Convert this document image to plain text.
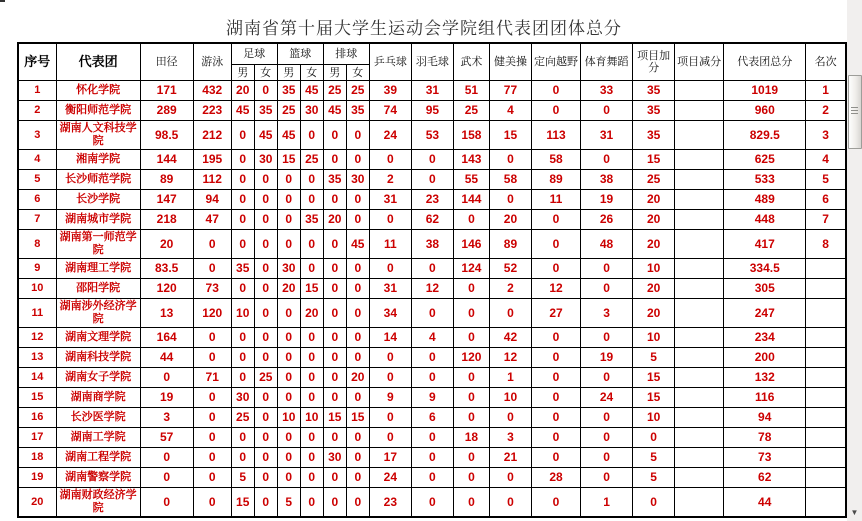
湖南省第十届大学生运动会学院组代表团团体总分
序号	代表团	田径	游泳	足球		篮球		排球		乒乓球	羽毛球	武术	健美操	定向越野	体育舞蹈	项目加分	项目减分	代表团总分	名次
				男	女	男	女	男	女										
1	怀化学院	171	432	20	0	35	45	25	25	39	31	51	77	0	33	35		1019	1
2	衡阳师范学院	289	223	45	35	25	30	45	35	74	95	25	4	0	0	35		960	2
3	湖南人文科技学院	98.5	212	0	45	45	0	0	0	24	53	158	15	113	31	35		829.5	3
4	湘南学院	144	195	0	30	15	25	0	0	0	0	143	0	58	0	15		625	4
5	长沙师范学院	89	112	0	0	0	0	35	30	2	0	55	58	89	38	25		533	5
6	长沙学院	147	94	0	0	0	0	0	0	31	23	144	0	11	19	20		489	6
7	湖南城市学院	218	47	0	0	0	35	20	0	0	62	0	20	0	26	20		448	7
8	湖南第一师范学院	20	0	0	0	0	0	0	45	11	38	146	89	0	48	20		417	8
9	湖南理工学院	83.5	0	35	0	30	0	0	0	0	0	124	52	0	0	10		334.5	
10	邵阳学院	120	73	0	0	20	15	0	0	31	12	0	2	12	0	20		305	
11	湖南涉外经济学院	13	120	10	0	0	20	0	0	34	0	0	0	27	3	20		247	
12	湖南文理学院	164	0	0	0	0	0	0	0	14	4	0	42	0	0	10		234	
13	湖南科技学院	44	0	0	0	0	0	0	0	0	0	120	12	0	19	5		200	
14	湖南女子学院	0	71	0	25	0	0	0	20	0	0	0	1	0	0	15		132	
15	湖南商学院	19	0	30	0	0	0	0	0	9	9	0	10	0	24	15		116	
16	长沙医学院	3	0	25	0	10	10	15	15	0	6	0	0	0	0	10		94	
17	湖南工学院	57	0	0	0	0	0	0	0	0	0	18	3	0	0	0		78	
18	湖南工程学院	0	0	0	0	0	0	30	0	17	0	0	21	0	0	5		73	
19	湖南警察学院	0	0	5	0	0	0	0	0	24	0	0	0	28	0	5		62	
20	湖南财政经济学院	0	0	15	0	5	0	0	0	23	0	0	0	0	1	0		44	
▼
